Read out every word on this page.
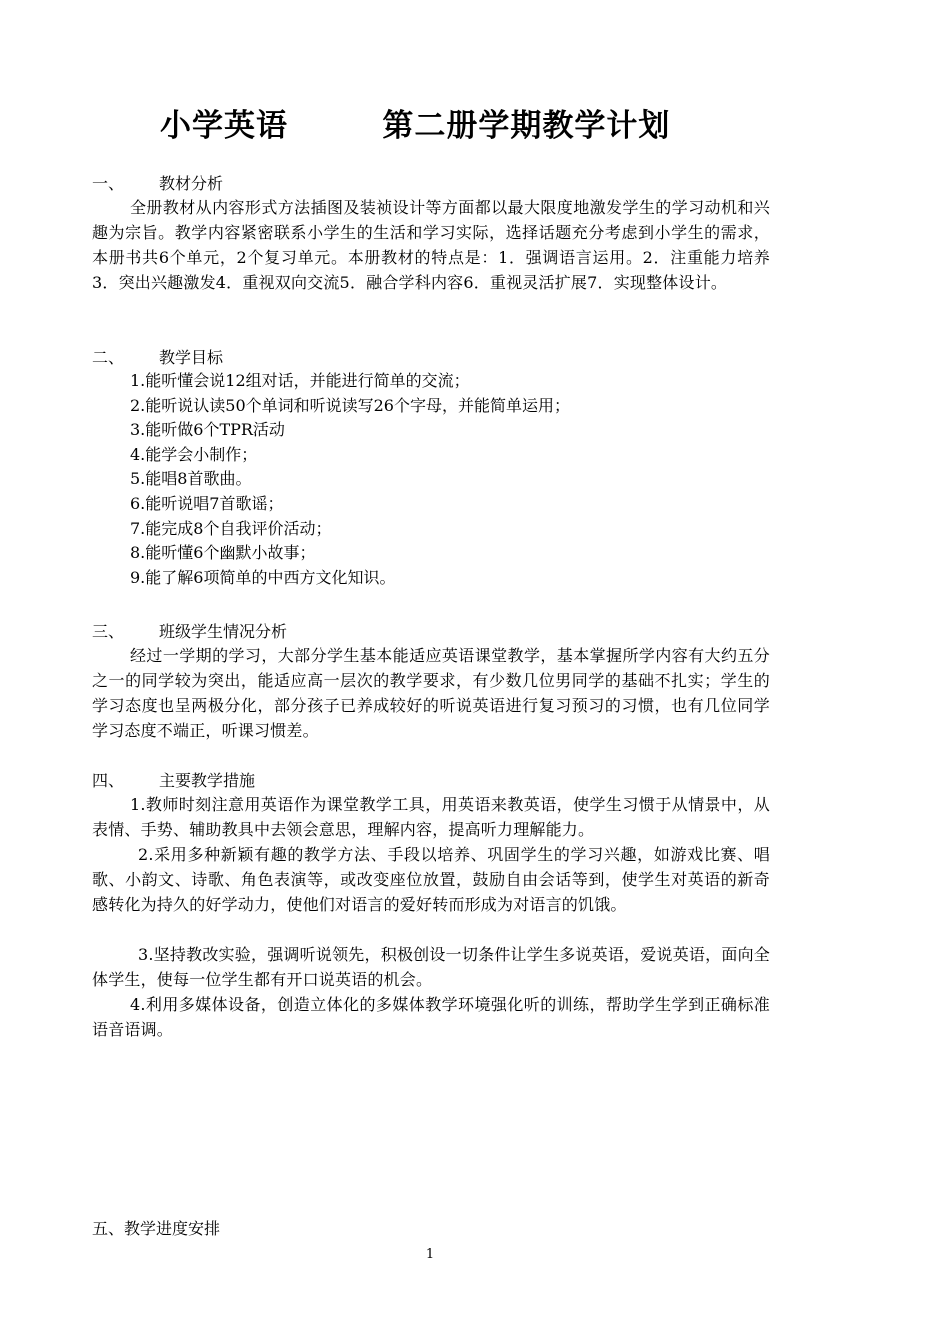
小学英语        第二册学期教学计划
一、 教材分析
全册教材从内容形式方法插图及装祯设计等方面都以最大限度地激发学生的学习动机和兴趣为宗旨。教学内容紧密联系小学生的生活和学习实际，选择话题充分考虑到小学生的需求，本册书共6个单元，2个复习单元。本册教材的特点是：1．强调语言运用。2．注重能力培养3．突出兴趣激发4．重视双向交流5．融合学科内容6．重视灵活扩展7．实现整体设计。
二、 教学目标
1.能听懂会说12组对话，并能进行简单的交流；
2.能听说认读50个单词和听说读写26个字母，并能简单运用；
3.能听做6个TPR活动
4.能学会小制作；
5.能唱8首歌曲。
6.能听说唱7首歌谣；
7.能完成8个自我评价活动；
8.能听懂6个幽默小故事；
9.能了解6项简单的中西方文化知识。
三、 班级学生情况分析
经过一学期的学习，大部分学生基本能适应英语课堂教学，基本掌握所学内容有大约五分之一的同学较为突出，能适应高一层次的教学要求，有少数几位男同学的基础不扎实；学生的学习态度也呈两极分化，部分孩子已养成较好的听说英语进行复习预习的习惯，也有几位同学学习态度不端正，听课习惯差。
四、 主要教学措施
1.教师时刻注意用英语作为课堂教学工具，用英语来教英语，使学生习惯于从情景中，从表情、手势、辅助教具中去领会意思，理解内容，提高听力理解能力。
2.采用多种新颖有趣的教学方法、手段以培养、巩固学生的学习兴趣，如游戏比赛、唱歌、小韵文、诗歌、角色表演等，或改变座位放置，鼓励自由会话等到，使学生对英语的新奇感转化为持久的好学动力，使他们对语言的爱好转而形成为对语言的饥饿。
3.坚持教改实验，强调听说领先，积极创设一切条件让学生多说英语，爱说英语，面向全体学生，使每一位学生都有开口说英语的机会。
4.利用多媒体设备，创造立体化的多媒体教学环境强化听的训练，帮助学生学到正确标准语音语调。
五、教学进度安排
1
